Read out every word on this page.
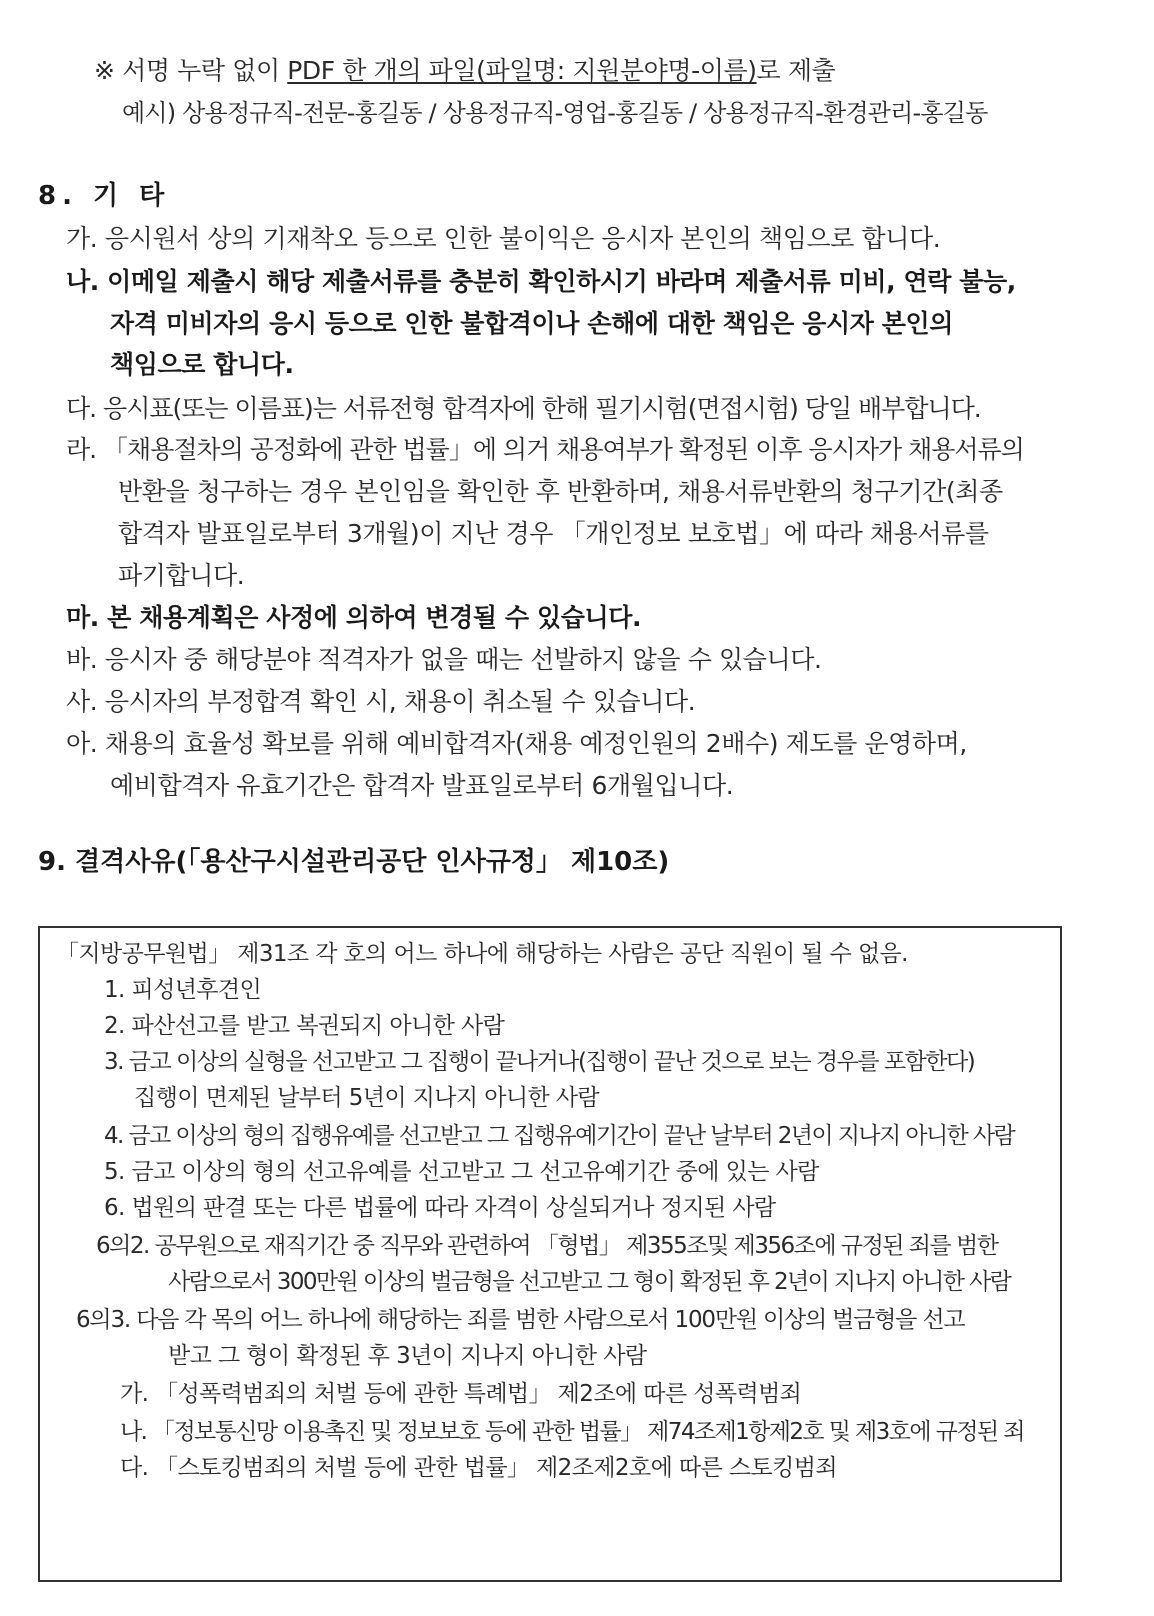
※ 서명 누락 없이 PDF 한 개의 파일(파일명: 지원분야명-이름)로 제출
예시) 상용정규직-전문-홍길동 / 상용정규직-영업-홍길동 / 상용정규직-환경관리-홍길동
8. 기 타
가. 응시원서 상의 기재착오 등으로 인한 불이익은 응시자 본인의 책임으로 합니다.
나. 이메일 제출시 해당 제출서류를 충분히 확인하시기 바라며 제출서류 미비, 연락 불능,
자격 미비자의 응시 등으로 인한 불합격이나 손해에 대한 책임은 응시자 본인의
책임으로 합니다.
다. 응시표(또는 이름표)는 서류전형 합격자에 한해 필기시험(면접시험) 당일 배부합니다.
라. 「채용절차의 공정화에 관한 법률」에 의거 채용여부가 확정된 이후 응시자가 채용서류의
반환을 청구하는 경우 본인임을 확인한 후 반환하며, 채용서류반환의 청구기간(최종
합격자 발표일로부터 3개월)이 지난 경우 「개인정보 보호법」에 따라 채용서류를
파기합니다.
마. 본 채용계획은 사정에 의하여 변경될 수 있습니다.
바. 응시자 중 해당분야 적격자가 없을 때는 선발하지 않을 수 있습니다.
사. 응시자의 부정합격 확인 시, 채용이 취소될 수 있습니다.
아. 채용의 효율성 확보를 위해 예비합격자(채용 예정인원의 2배수) 제도를 운영하며,
예비합격자 유효기간은 합격자 발표일로부터 6개월입니다.
9. 결격사유(「용산구시설관리공단 인사규정」 제10조)
「지방공무원법」 제31조 각 호의 어느 하나에 해당하는 사람은 공단 직원이 될 수 없음.
1. 피성년후견인
2. 파산선고를 받고 복권되지 아니한 사람
3. 금고 이상의 실형을 선고받고 그 집행이 끝나거나(집행이 끝난 것으로 보는 경우를 포함한다)
집행이 면제된 날부터 5년이 지나지 아니한 사람
4. 금고 이상의 형의 집행유예를 선고받고 그 집행유예기간이 끝난 날부터 2년이 지나지 아니한 사람
5. 금고 이상의 형의 선고유예를 선고받고 그 선고유예기간 중에 있는 사람
6. 법원의 판결 또는 다른 법률에 따라 자격이 상실되거나 정지된 사람
6의2. 공무원으로 재직기간 중 직무와 관련하여 「형법」 제355조및 제356조에 규정된 죄를 범한
사람으로서 300만원 이상의 벌금형을 선고받고 그 형이 확정된 후 2년이 지나지 아니한 사람
6의3. 다음 각 목의 어느 하나에 해당하는 죄를 범한 사람으로서 100만원 이상의 벌금형을 선고
받고 그 형이 확정된 후 3년이 지나지 아니한 사람
가. 「성폭력범죄의 처벌 등에 관한 특례법」 제2조에 따른 성폭력범죄
나. 「정보통신망 이용촉진 및 정보보호 등에 관한 법률」 제74조제1항제2호 및 제3호에 규정된 죄
다. 「스토킹범죄의 처벌 등에 관한 법률」 제2조제2호에 따른 스토킹범죄
